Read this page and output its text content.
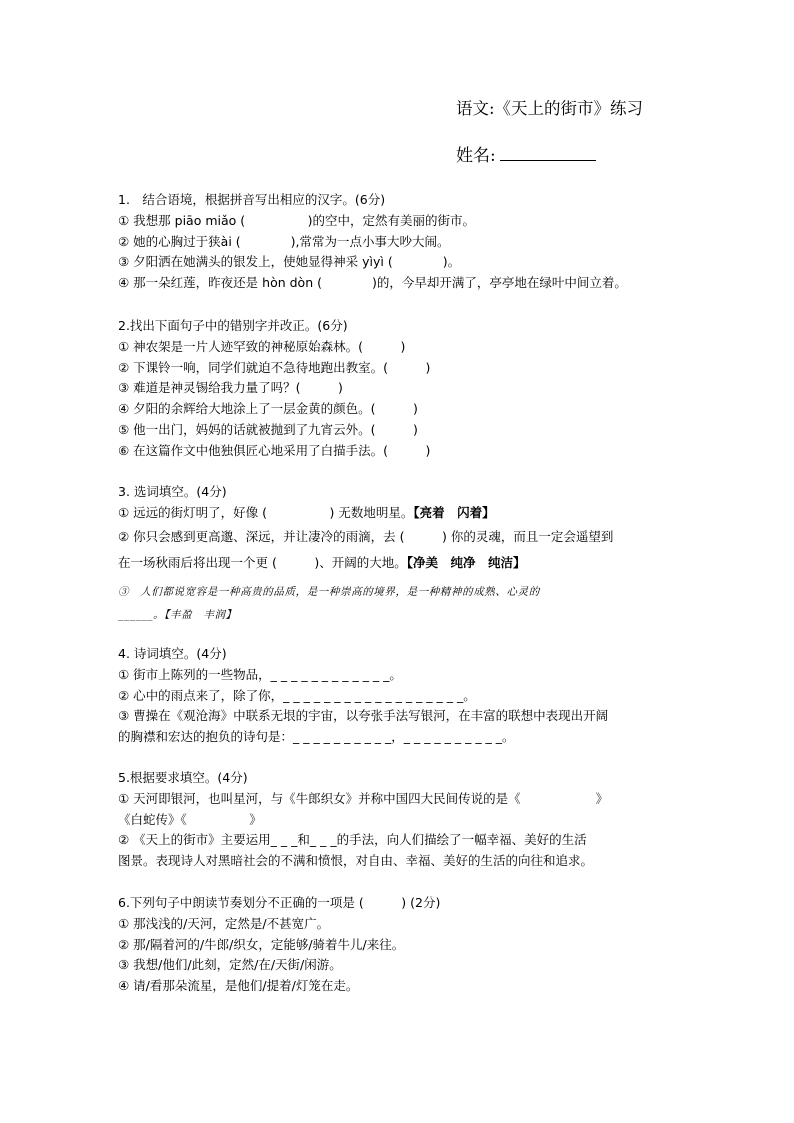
语文:《天上的街市》练习
姓名:
1.　结合语境，根据拼音写出相应的汉字。(6分)
① 我想那 piāo miǎo (　　　　　)的空中，定然有美丽的街市。
② 她的心胸过于狭ài (　　　　),常常为一点小事大吵大闹。
③ 夕阳洒在她满头的银发上，使她显得神采 yìyì (　　　　)。
④ 那一朵红莲，昨夜还是 hòn dòn (　　　　)的，今早却开满了，亭亭地在绿叶中间立着。
2.找出下面句子中的错别字并改正。(6分)
① 神农架是一片人迹罕致的神秘原始森林。(　　　)
② 下课铃一响，同学们就迫不急待地跑出教室。(　　　)
③ 难道是神灵锡给我力量了吗？(　　　)
④ 夕阳的余辉给大地涂上了一层金黄的颜色。(　　　)
⑤ 他一出门，妈妈的话就被抛到了九宵云外。(　　　)
⑥ 在这篇作文中他独俱匠心地采用了白描手法。(　　　)
3. 选词填空。(4分)
① 远远的街灯明了，好像 (　　　　　) 无数地明星。【亮着　闪着】
② 你只会感到更高邈、深远，并让凄冷的雨滴，去 (　　　) 你的灵魂，而且一定会遥望到
在一场秋雨后将出现一个更 (　　　)、开阔的大地。【净美　纯净　纯洁】
③　人们都说宽容是一种高贵的品质，是一种崇高的境界，是一种精神的成熟、心灵的
______。【丰盈　丰润】
4. 诗词填空。(4分)
① 街市上陈列的一些物品，_ _ _ _ _ _ _ _ _ _ _ _。
② 心中的雨点来了，除了你，_ _ _ _ _ _ _ _ _ _ _ _ _ _ _ _ _ _。
③ 曹操在《观沧海》中联系无垠的宇宙，以夸张手法写银河，在丰富的联想中表现出开阔
的胸襟和宏达的抱负的诗句是：_ _ _ _ _ _ _ _ _ _，_ _ _ _ _ _ _ _ _ _。
5.根据要求填空。(4分)
① 天河即银河，也叫星河，与《牛郎织女》并称中国四大民间传说的是《　　　　　　》
《白蛇传》《　　　　　》
② 《天上的街市》主要运用_ _ _和_ _ _的手法，向人们描绘了一幅幸福、美好的生活
图景。表现诗人对黑暗社会的不满和愤恨，对自由、幸福、美好的生活的向往和追求。
6.下列句子中朗读节奏划分不正确的一项是 (　　　) (2分)
① 那浅浅的/天河，定然是/不甚宽广。
② 那/隔着河的/牛郎/织女，定能够/骑着牛儿/来往。
③ 我想/他们/此刻，定然/在/天街/闲游。
④ 请/看那朵流星，是他们/提着/灯笼在走。
